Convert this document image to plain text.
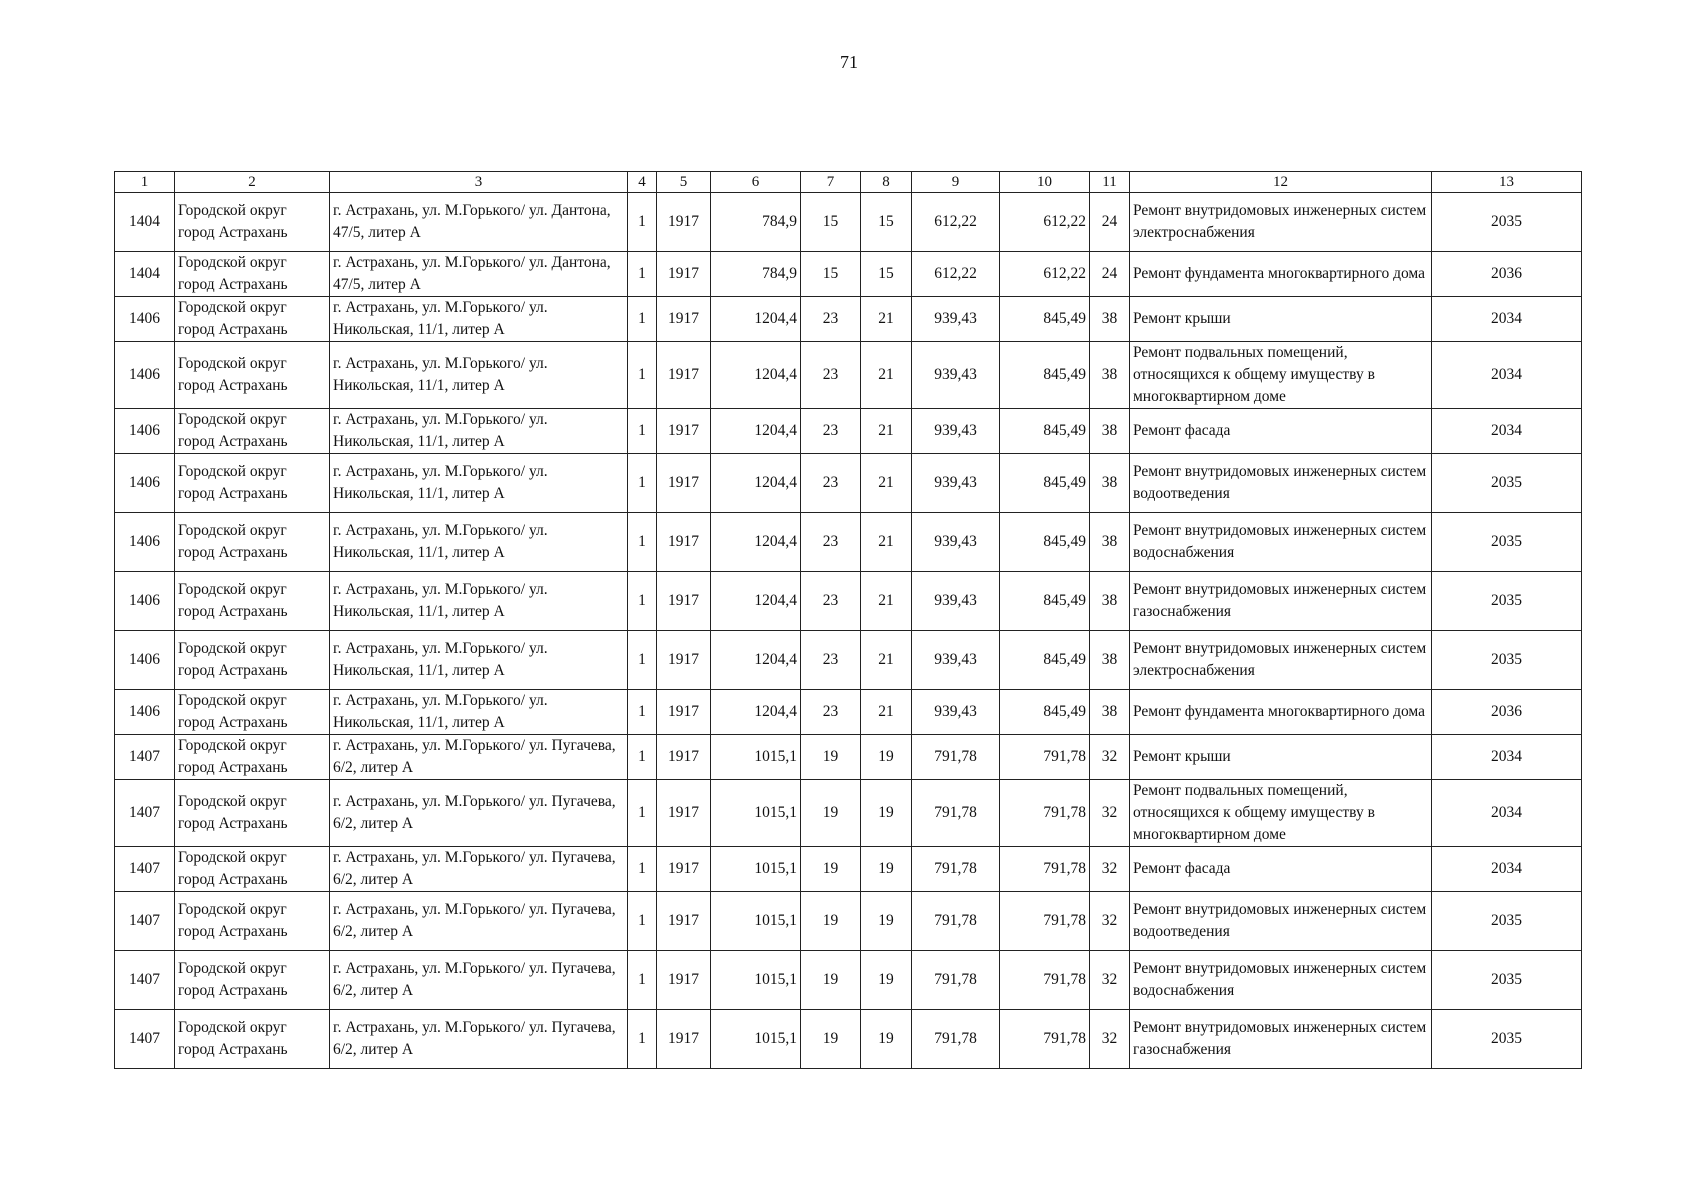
71
1	2	3	4	5	6	7	8	9	10	11	12	13
1404	Городской округ город Астрахань	г. Астрахань, ул. М.Горького/ ул. Дантона, 47/5, литер А	1	1917	784,9	15	15	612,22	612,22	24	Ремонт внутридомовых инженерных систем электроснабжения	2035
1404	Городской округ город Астрахань	г. Астрахань, ул. М.Горького/ ул. Дантона, 47/5, литер А	1	1917	784,9	15	15	612,22	612,22	24	Ремонт фундамента многоквартирного дома	2036
1406	Городской округ город Астрахань	г. Астрахань, ул. М.Горького/ ул. Никольская, 11/1, литер А	1	1917	1204,4	23	21	939,43	845,49	38	Ремонт крыши	2034
1406	Городской округ город Астрахань	г. Астрахань, ул. М.Горького/ ул. Никольская, 11/1, литер А	1	1917	1204,4	23	21	939,43	845,49	38	Ремонт подвальных помещений, относящихся к общему имуществу в многоквартирном доме	2034
1406	Городской округ город Астрахань	г. Астрахань, ул. М.Горького/ ул. Никольская, 11/1, литер А	1	1917	1204,4	23	21	939,43	845,49	38	Ремонт фасада	2034
1406	Городской округ город Астрахань	г. Астрахань, ул. М.Горького/ ул. Никольская, 11/1, литер А	1	1917	1204,4	23	21	939,43	845,49	38	Ремонт внутридомовых инженерных систем водоотведения	2035
1406	Городской округ город Астрахань	г. Астрахань, ул. М.Горького/ ул. Никольская, 11/1, литер А	1	1917	1204,4	23	21	939,43	845,49	38	Ремонт внутридомовых инженерных систем водоснабжения	2035
1406	Городской округ город Астрахань	г. Астрахань, ул. М.Горького/ ул. Никольская, 11/1, литер А	1	1917	1204,4	23	21	939,43	845,49	38	Ремонт внутридомовых инженерных систем газоснабжения	2035
1406	Городской округ город Астрахань	г. Астрахань, ул. М.Горького/ ул. Никольская, 11/1, литер А	1	1917	1204,4	23	21	939,43	845,49	38	Ремонт внутридомовых инженерных систем электроснабжения	2035
1406	Городской округ город Астрахань	г. Астрахань, ул. М.Горького/ ул. Никольская, 11/1, литер А	1	1917	1204,4	23	21	939,43	845,49	38	Ремонт фундамента многоквартирного дома	2036
1407	Городской округ город Астрахань	г. Астрахань, ул. М.Горького/ ул. Пугачева, 6/2, литер А	1	1917	1015,1	19	19	791,78	791,78	32	Ремонт крыши	2034
1407	Городской округ город Астрахань	г. Астрахань, ул. М.Горького/ ул. Пугачева, 6/2, литер А	1	1917	1015,1	19	19	791,78	791,78	32	Ремонт подвальных помещений, относящихся к общему имуществу в многоквартирном доме	2034
1407	Городской округ город Астрахань	г. Астрахань, ул. М.Горького/ ул. Пугачева, 6/2, литер А	1	1917	1015,1	19	19	791,78	791,78	32	Ремонт фасада	2034
1407	Городской округ город Астрахань	г. Астрахань, ул. М.Горького/ ул. Пугачева, 6/2, литер А	1	1917	1015,1	19	19	791,78	791,78	32	Ремонт внутридомовых инженерных систем водоотведения	2035
1407	Городской округ город Астрахань	г. Астрахань, ул. М.Горького/ ул. Пугачева, 6/2, литер А	1	1917	1015,1	19	19	791,78	791,78	32	Ремонт внутридомовых инженерных систем водоснабжения	2035
1407	Городской округ город Астрахань	г. Астрахань, ул. М.Горького/ ул. Пугачева, 6/2, литер А	1	1917	1015,1	19	19	791,78	791,78	32	Ремонт внутридомовых инженерных систем газоснабжения	2035
